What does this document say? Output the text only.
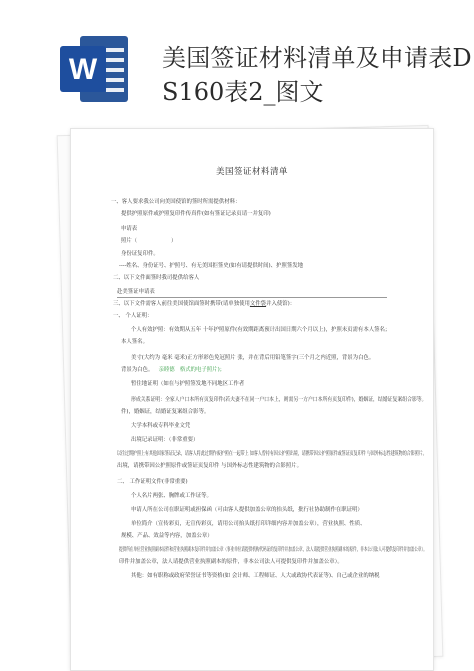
W	美国签证材料清单及申请表D
S160表2_图文
美国签证材料清单
一、客人要求我公司向美国使馆的签时所需提供材料：
提供护照原件或护照复印件传真件(如有签证记录页请一并复印)
申请表
照片（	）
身份证复印件。
----姓名、身份证号、护照号、有无美国拒签史(如有请提供时间)、护照签发地
二、以下文件面签时我司提供给客人
赴美签证申请表
三、以下文件需客人前往美国使馆面签时携带(请单独使用文件袋并入使馆)：
一、 个人证明：
个人有效护照：有效期从五年 十年护照原件(有效期距离预计出国日期六个月以上)，护照未页需有本人签名；
本人签名。
美寸(大约为 毫米 毫米)正方形彩色免冠照片 张，并在背后用铅笔签字(三个月之内近照，背景为白色。
背景为白色。 亲睦德 格式的电子照片)；
暂住地证明（如在与护照签发地不同地区工作者
形成关系证明：全家人户口本所有页复印件(若夫妻不在同一户口本上，则需另一方户口本所有页复印件)，婚姻证，结婚证复案组合影等。
件)，婚姻证，结婚证复案组合影等。
大学本科或专科毕业文凭
出境记录证明：（非常重要）
以往过期护照上有其他国家签证记录，请客人将此过期作废护照在一起带上 如客人曾持有因公护照出境，请携带因公护照原件或签证页复印件 与国外标志性建筑物的合影照片。
出境，请携带因公护照原件或签证页复印件 与国外标志性建筑物的合影照片。
二、 工作证明文件(非常重要)
个人名片两张、胸牌或工作证等。
申请人所在公司在职证明或担保函（可由客人提供加盖公章的抬头纸，批行社协助制作在职证明）
单位简介（宣传彩页，无宣传彩页，请用公司抬头纸打印详细内容并加盖公章），营业执照、性质、
规模、产品、效益等内容，加盖公章）
提供所在单位营业执照副本原件和营业执照副本复印件并加盖公章（事业单位请提供机构代码证的复印件并加盖公章，法人请提供营业执照副本的原件，非本公司法人可提供复印件并加盖公章）。
印件并加盖公章，法人请提供营业执照副本的原件，非本公司法人可提供复印件并加盖公章）。
其他：如有职称或政府荣誉证书等资格(如 会计师、工程师证、人大或政协代表证等)、自己或企业的纳税
